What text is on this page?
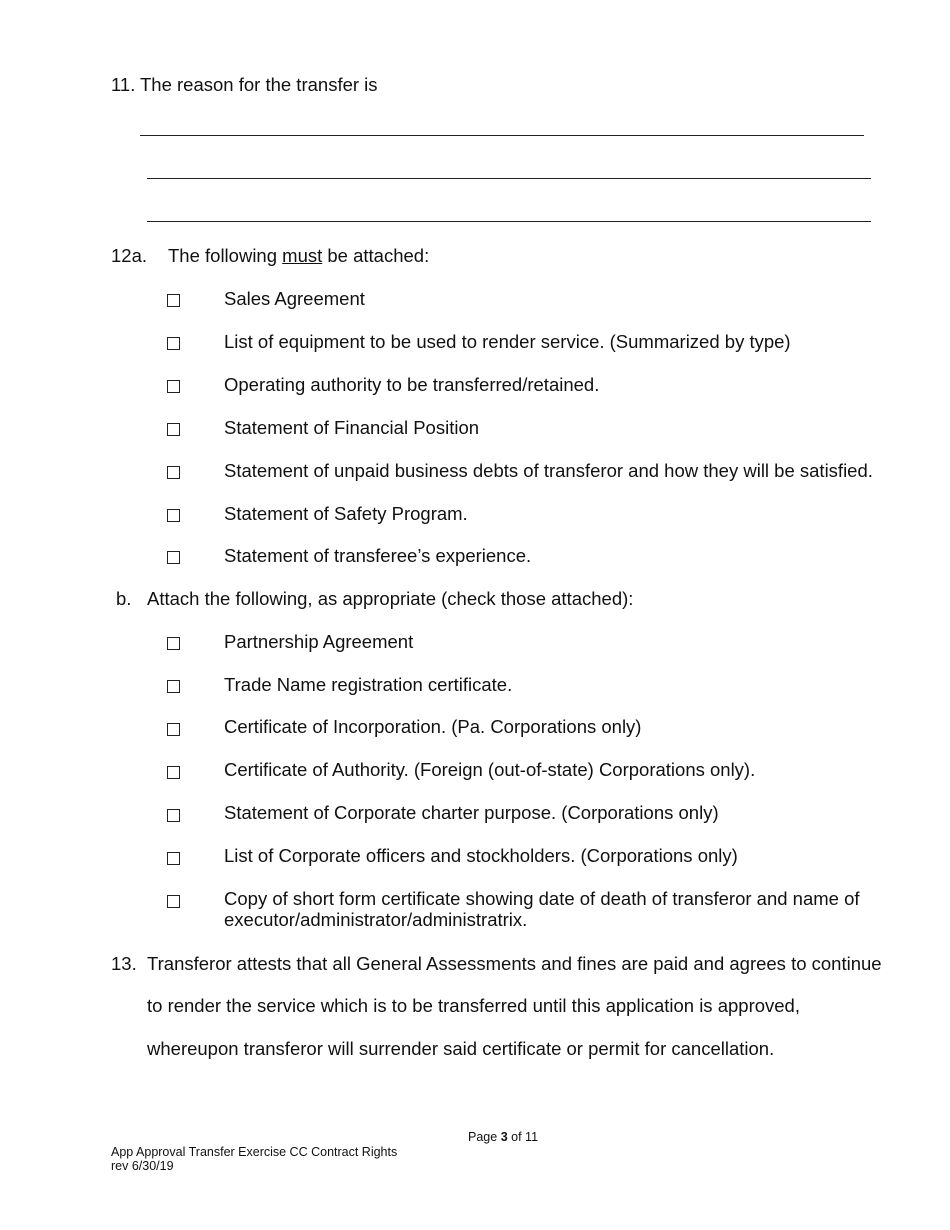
11. The reason for the transfer is
12a. The following must be attached:
Sales Agreement
List of equipment to be used to render service. (Summarized by type)
Operating authority to be transferred/retained.
Statement of Financial Position
Statement of unpaid business debts of transferor and how they will be satisfied.
Statement of Safety Program.
Statement of transferee’s experience.
b. Attach the following, as appropriate (check those attached):
Partnership Agreement
Trade Name registration certificate.
Certificate of Incorporation. (Pa. Corporations only)
Certificate of Authority. (Foreign (out-of-state) Corporations only).
Statement of Corporate charter purpose. (Corporations only)
List of Corporate officers and stockholders. (Corporations only)
Copy of short form certificate showing date of death of transferor and name of
executor/administrator/administratrix.
13. Transferor attests that all General Assessments and fines are paid and agrees to continue
to render the service which is to be transferred until this application is approved,
whereupon transferor will surrender said certificate or permit for cancellation.
Page 3 of 11
App Approval Transfer Exercise CC Contract Rights
rev 6/30/19
